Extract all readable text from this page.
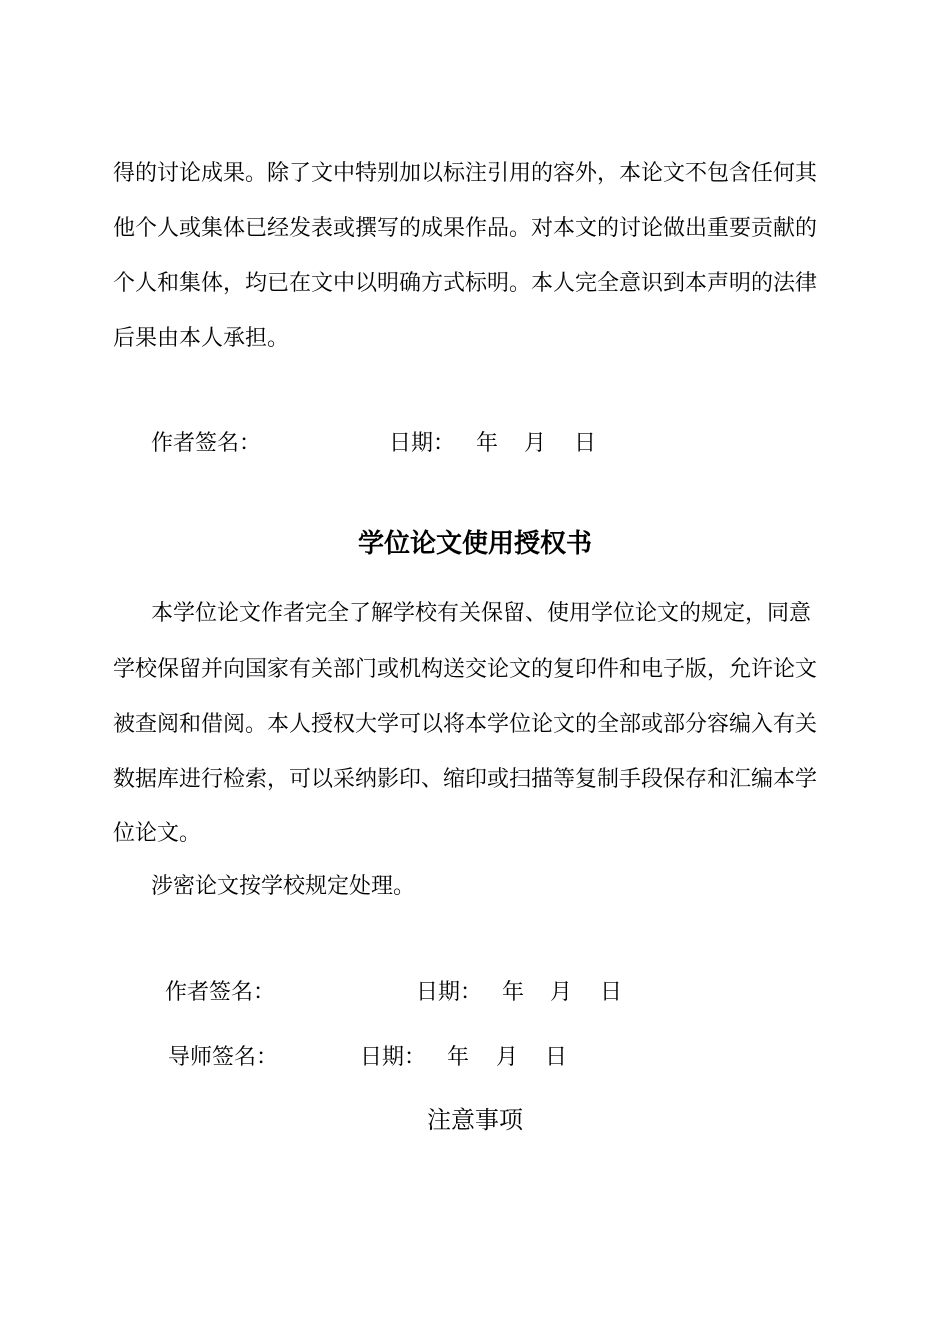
得的讨论成果。除了文中特别加以标注引用的容外，本论文不包含任何其
他个人或集体已经发表或撰写的成果作品。对本文的讨论做出重要贡献的
个人和集体，均已在文中以明确方式标明。本人完全意识到本声明的法律
后果由本人承担。
作者签名：	日期： 年 月 日
学位论文使用授权书
本学位论文作者完全了解学校有关保留、使用学位论文的规定，同意
学校保留并向国家有关部门或机构送交论文的复印件和电子版，允许论文
被查阅和借阅。本人授权大学可以将本学位论文的全部或部分容编入有关
数据库进行检索，可以采纳影印、缩印或扫描等复制手段保存和汇编本学
位论文。
涉密论文按学校规定处理。
作者签名：	日期： 年 月 日
导师签名：	日期： 年 月 日
注意事项
